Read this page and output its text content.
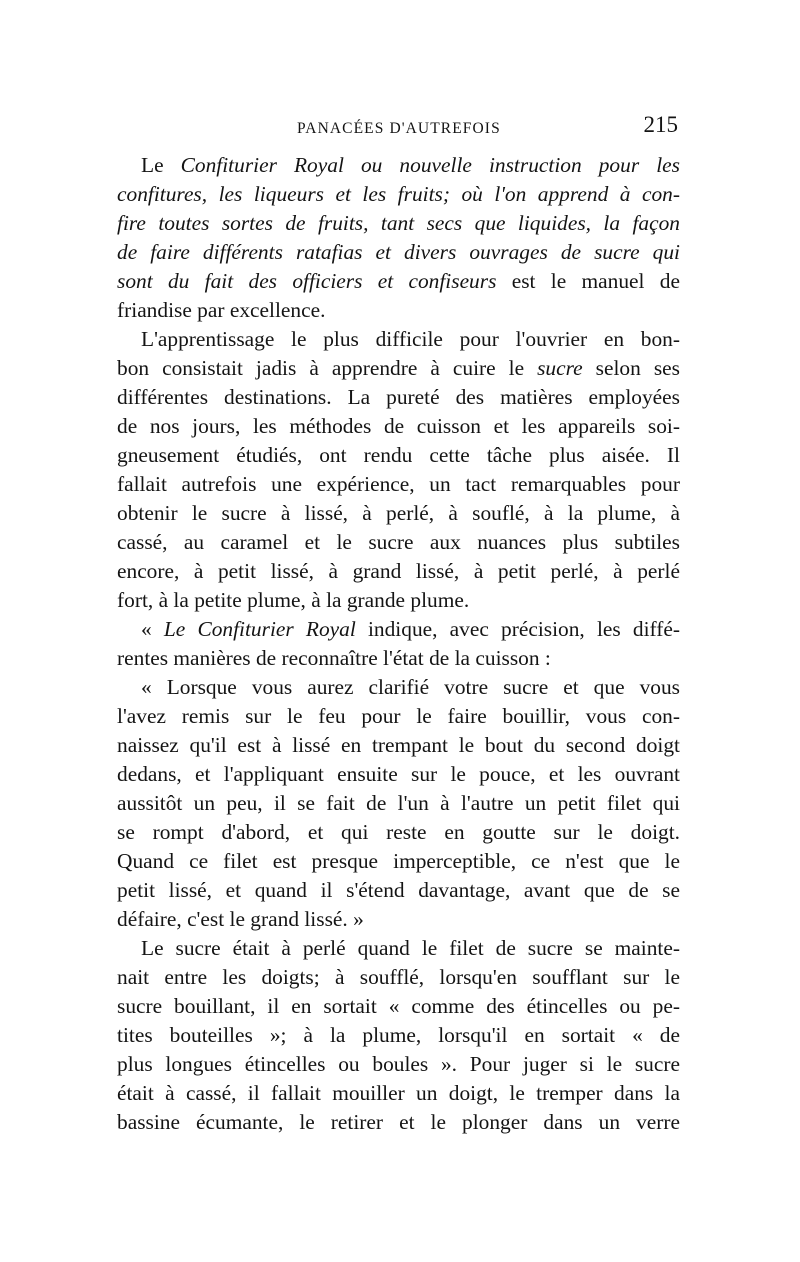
PANACÉES D'AUTREFOIS	215
Le Confiturier Royal ou nouvelle instruction pour les
confitures, les liqueurs et les fruits; où l'on apprend à con-
fire toutes sortes de fruits, tant secs que liquides, la façon
de faire différents ratafias et divers ouvrages de sucre qui
sont du fait des officiers et confiseurs est le manuel de
friandise par excellence.
L'apprentissage le plus difficile pour l'ouvrier en bon-
bon consistait jadis à apprendre à cuire le sucre selon ses
différentes destinations. La pureté des matières employées
de nos jours, les méthodes de cuisson et les appareils soi-
gneusement étudiés, ont rendu cette tâche plus aisée. Il
fallait autrefois une expérience, un tact remarquables pour
obtenir le sucre à lissé, à perlé, à souflé, à la plume, à
cassé, au caramel et le sucre aux nuances plus subtiles
encore, à petit lissé, à grand lissé, à petit perlé, à perlé
fort, à la petite plume, à la grande plume.
« Le Confiturier Royal indique, avec précision, les diffé-
rentes manières de reconnaître l'état de la cuisson :
« Lorsque vous aurez clarifié votre sucre et que vous
l'avez remis sur le feu pour le faire bouillir, vous con-
naissez qu'il est à lissé en trempant le bout du second doigt
dedans, et l'appliquant ensuite sur le pouce, et les ouvrant
aussitôt un peu, il se fait de l'un à l'autre un petit filet qui
se rompt d'abord, et qui reste en goutte sur le doigt.
Quand ce filet est presque imperceptible, ce n'est que le
petit lissé, et quand il s'étend davantage, avant que de se
défaire, c'est le grand lissé. »
Le sucre était à perlé quand le filet de sucre se mainte-
nait entre les doigts; à soufflé, lorsqu'en soufflant sur le
sucre bouillant, il en sortait « comme des étincelles ou pe-
tites bouteilles »; à la plume, lorsqu'il en sortait « de
plus longues étincelles ou boules ». Pour juger si le sucre
était à cassé, il fallait mouiller un doigt, le tremper dans la
bassine écumante, le retirer et le plonger dans un verre
